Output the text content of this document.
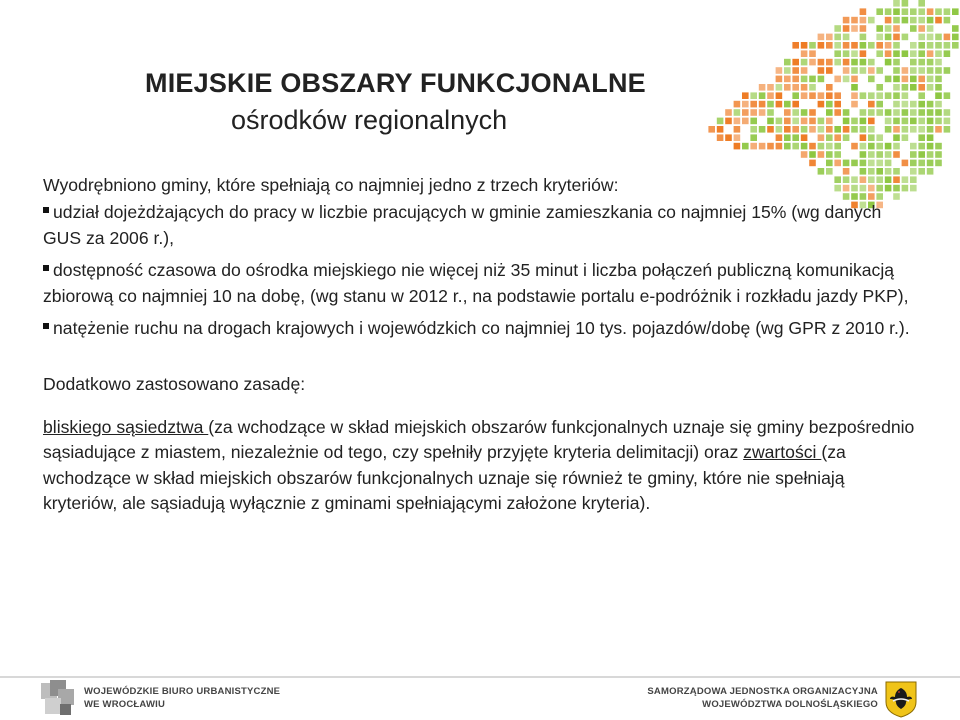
MIEJSKIE OBSZARY FUNKCJONALNE
ośrodków regionalnych

Wyodrębniono gminy, które spełniają co najmniej jedno z trzech kryteriów:

udział dojeżdżających do pracy w liczbie pracujących w gminie zamieszkania co najmniej 15% (wg danych GUS za 2006 r.),
dostępność czasowa do ośrodka miejskiego nie więcej niż 35 minut i liczba połączeń publiczną komunikacją zbiorową co najmniej 10 na dobę, (wg stanu w 2012 r., na podstawie portalu e-podróżnik i rozkładu jazdy PKP),
natężenie ruchu na drogach krajowych i wojewódzkich co najmniej 10 tys. pojazdów/dobę (wg GPR z 2010 r.).

Dodatkowo zastosowano zasadę:

bliskiego sąsiedztwa (za wchodzące w skład miejskich obszarów funkcjonalnych uznaje się gminy bezpośrednio sąsiadujące z miastem, niezależnie od tego, czy spełniły przyjęte kryteria delimitacji) oraz zwartości (za wchodzące w skład miejskich obszarów funkcjonalnych uznaje się również te gminy, które nie spełniają kryteriów, ale sąsiadują wyłącznie z gminami spełniającymi założone kryteria).

WOJEWÓDZKIE BIURO URBANISTYCZNE
WE WROCŁAWIU
SAMORZĄDOWA JEDNOSTKA ORGANIZACYJNA
WOJEWÓDZTWA DOLNOŚLĄSKIEGO
